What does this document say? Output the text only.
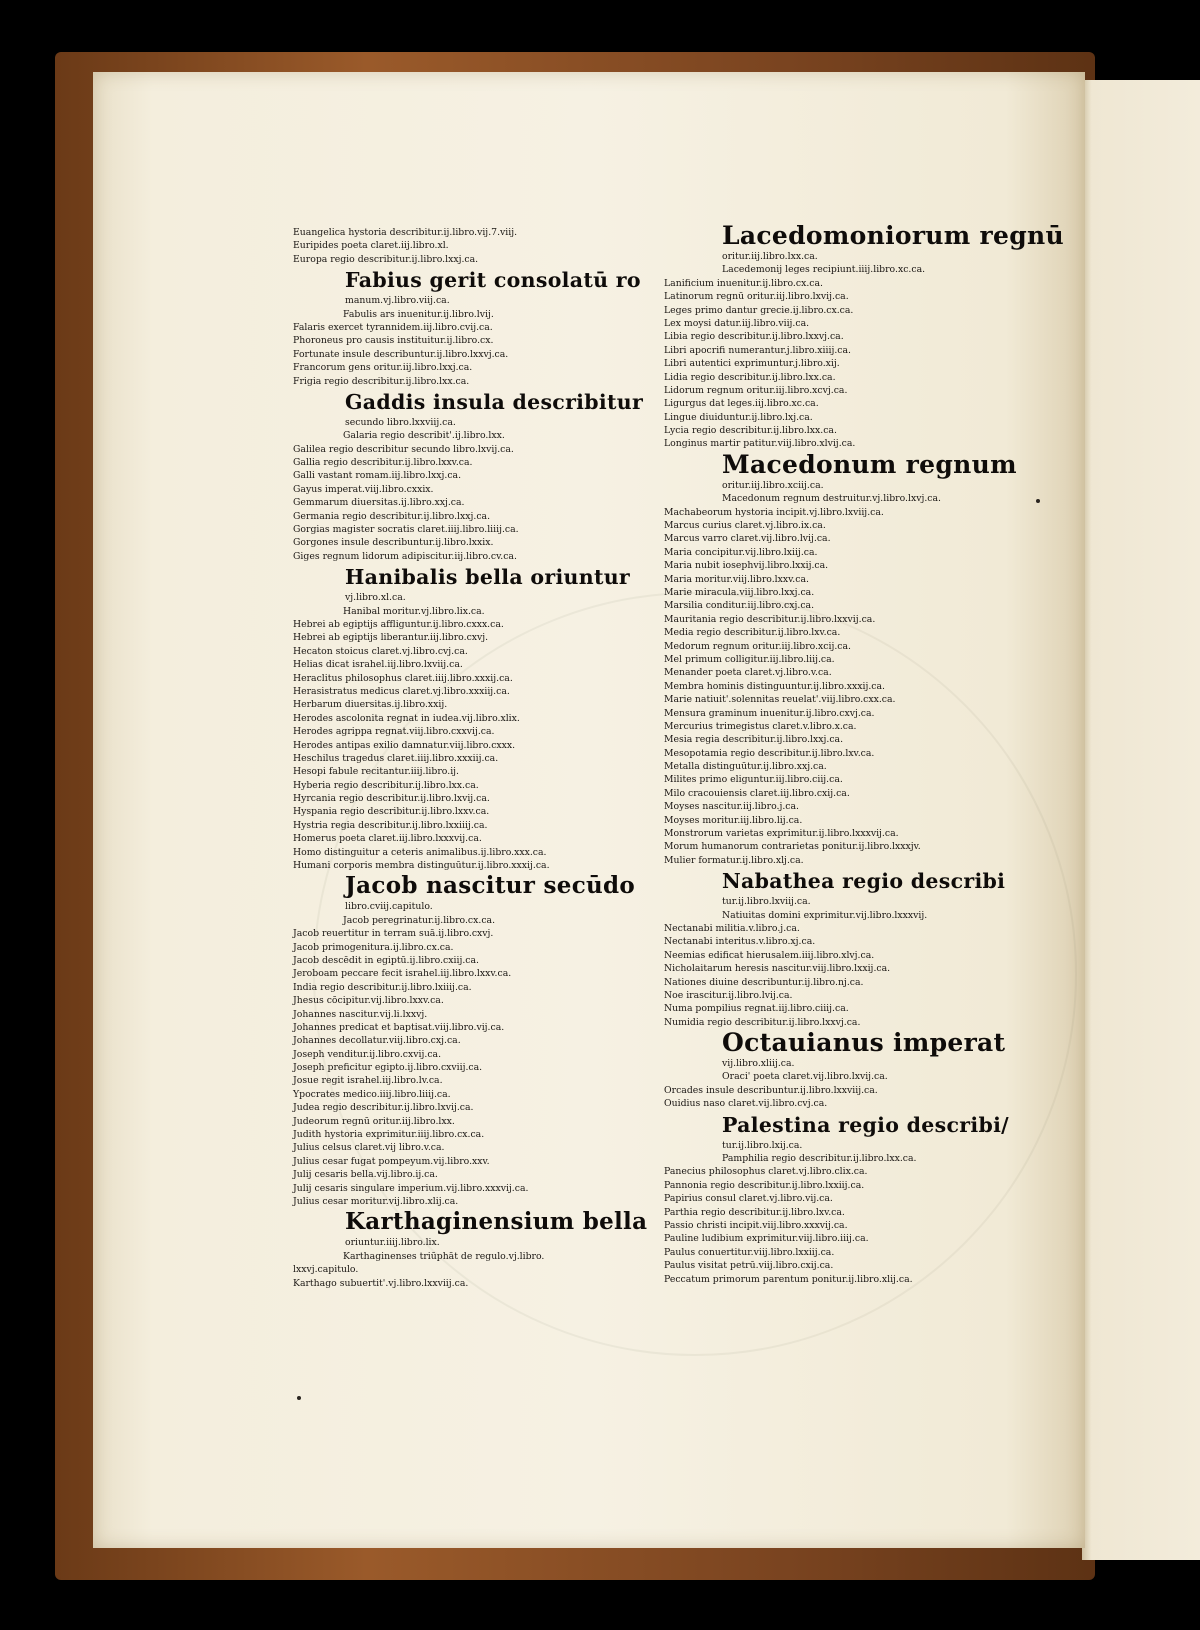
Euangelica hystoria describitur.ij.libro.vij.7.viij.
Euripides poeta claret.iij.libro.xl.
Europa regio describitur.ij.libro.lxxj.ca.
Fabius gerit consolatū ro
manum.vj.libro.viij.ca.
Fabulis ars inuenitur.ij.libro.lvij.
Falaris exercet tyrannidem.iij.libro.cvij.ca.
Phoroneus pro causis instituitur.ij.libro.cx.
Fortunate insule describuntur.ij.libro.lxxvj.ca.
Francorum gens oritur.iij.libro.lxxj.ca.
Frigia regio describitur.ij.libro.lxx.ca.
Gaddis insula describitur
secundo libro.lxxviij.ca.
Galaria regio describit'.ij.libro.lxx.
Galilea regio describitur secundo libro.lxvij.ca.
Gallia regio describitur.ij.libro.lxxv.ca.
Galli vastant romam.iij.libro.lxxj.ca.
Gayus imperat.viij.libro.cxxix.
Gemmarum diuersitas.ij.libro.xxj.ca.
Germania regio describitur.ij.libro.lxxj.ca.
Gorgias magister socratis claret.iiij.libro.liiij.ca.
Gorgones insule describuntur.ij.libro.lxxix.
Giges regnum lidorum adipiscitur.iij.libro.cv.ca.
Hanibalis bella oriuntur
vj.libro.xl.ca.
Hanibal moritur.vj.libro.lix.ca.
Hebrei ab egiptijs affliguntur.ij.libro.cxxx.ca.
Hebrei ab egiptijs liberantur.iij.libro.cxvj.
Hecaton stoicus claret.vj.libro.cvj.ca.
Helias dicat israhel.iij.libro.lxviij.ca.
Heraclitus philosophus claret.iiij.libro.xxxij.ca.
Herasistratus medicus claret.vj.libro.xxxiij.ca.
Herbarum diuersitas.ij.libro.xxij.
Herodes ascolonita regnat in iudea.vij.libro.xlix.
Herodes agrippa regnat.viij.libro.cxxvij.ca.
Herodes antipas exilio damnatur.viij.libro.cxxx.
Heschilus tragedus claret.iiij.libro.xxxiij.ca.
Hesopi fabule recitantur.iiij.libro.ij.
Hyberia regio describitur.ij.libro.lxx.ca.
Hyrcania regio describitur.ij.libro.lxvij.ca.
Hyspania regio describitur.ij.libro.lxxv.ca.
Hystria regia describitur.ij.libro.lxxiiij.ca.
Homerus poeta claret.iij.libro.lxxxvij.ca.
Homo distinguitur a ceteris animalibus.ij.libro.xxx.ca.
Humani corporis membra distinguūtur.ij.libro.xxxij.ca.
Jacob nascitur secūdo
libro.cviij.capitulo.
Jacob peregrinatur.ij.libro.cx.ca.
Jacob reuertitur in terram suā.ij.libro.cxvj.
Jacob primogenitura.ij.libro.cx.ca.
Jacob descēdit in egiptū.ij.libro.cxiij.ca.
Jeroboam peccare fecit israhel.iij.libro.lxxv.ca.
India regio describitur.ij.libro.lxiiij.ca.
Jhesus cōcipitur.vij.libro.lxxv.ca.
Johannes nascitur.vij.li.lxxvj.
Johannes predicat et baptisat.viij.libro.vij.ca.
Johannes decollatur.viij.libro.cxj.ca.
Joseph venditur.ij.libro.cxvij.ca.
Joseph preficitur egipto.ij.libro.cxviij.ca.
Josue regit israhel.iij.libro.lv.ca.
Ypocrates medico.iiij.libro.liiij.ca.
Judea regio describitur.ij.libro.lxvij.ca.
Judeorum regnū oritur.iij.libro.lxx.
Judith hystoria exprimitur.iiij.libro.cx.ca.
Julius celsus claret.vij libro.v.ca.
Julius cesar fugat pompeyum.vij.libro.xxv.
Julij cesaris bella.vij.libro.ij.ca.
Julij cesaris singulare imperium.vij.libro.xxxvij.ca.
Julius cesar moritur.vij.libro.xlij.ca.
Karthaginensium bella
oriuntur.iiij.libro.lix.
Karthaginenses triūphāt de regulo.vj.libro.
lxxvj.capitulo.
Karthago subuertit'.vj.libro.lxxviij.ca.
Lacedomoniorum regnū
oritur.iij.libro.lxx.ca.
Lacedemonij leges recipiunt.iiij.libro.xc.ca.
Lanificium inuenitur.ij.libro.cx.ca.
Latinorum regnū oritur.iij.libro.lxvij.ca.
Leges primo dantur grecie.ij.libro.cx.ca.
Lex moysi datur.iij.libro.viij.ca.
Libia regio describitur.ij.libro.lxxvj.ca.
Libri apocrifi numerantur.j.libro.xiiij.ca.
Libri autentici exprimuntur.j.libro.xij.
Lidia regio describitur.ij.libro.lxx.ca.
Lidorum regnum oritur.iij.libro.xcvj.ca.
Ligurgus dat leges.iij.libro.xc.ca.
Lingue diuiduntur.ij.libro.lxj.ca.
Lycia regio describitur.ij.libro.lxx.ca.
Longinus martir patitur.viij.libro.xlvij.ca.
Macedonum regnum
oritur.iij.libro.xciij.ca.
Macedonum regnum destruitur.vj.libro.lxvj.ca.
Machabeorum hystoria incipit.vj.libro.lxviij.ca.
Marcus curius claret.vj.libro.ix.ca.
Marcus varro claret.vij.libro.lvij.ca.
Maria concipitur.vij.libro.lxiij.ca.
Maria nubit iosephvij.libro.lxxij.ca.
Maria moritur.viij.libro.lxxv.ca.
Marie miracula.viij.libro.lxxj.ca.
Marsilia conditur.iij.libro.cxj.ca.
Mauritania regio describitur.ij.libro.lxxvij.ca.
Media regio describitur.ij.libro.lxv.ca.
Medorum regnum oritur.iij.libro.xcij.ca.
Mel primum colligitur.iij.libro.liij.ca.
Menander poeta claret.vj.libro.v.ca.
Membra hominis distinguuntur.ij.libro.xxxij.ca.
Marie natiuit'.solennitas reuelat'.viij.libro.cxx.ca.
Mensura graminum inuenitur.ij.libro.cxvj.ca.
Mercurius trimegistus claret.v.libro.x.ca.
Mesia regia describitur.ij.libro.lxxj.ca.
Mesopotamia regio describitur.ij.libro.lxv.ca.
Metalla distinguūtur.ij.libro.xxj.ca.
Milites primo eliguntur.iij.libro.ciij.ca.
Milo cracouiensis claret.iij.libro.cxij.ca.
Moyses nascitur.iij.libro.j.ca.
Moyses moritur.iij.libro.lij.ca.
Monstrorum varietas exprimitur.ij.libro.lxxxvij.ca.
Morum humanorum contrarietas ponitur.ij.libro.lxxxjv.
Mulier formatur.ij.libro.xlj.ca.
Nabathea regio describi
tur.ij.libro.lxviij.ca.
Natiuitas domini exprimitur.vij.libro.lxxxvij.
Nectanabi militia.v.libro.j.ca.
Nectanabi interitus.v.libro.xj.ca.
Neemias edificat hierusalem.iiij.libro.xlvj.ca.
Nicholaitarum heresis nascitur.viij.libro.lxxij.ca.
Nationes diuine describuntur.ij.libro.nj.ca.
Noe irascitur.ij.libro.lvij.ca.
Numa pompilius regnat.iij.libro.ciiij.ca.
Numidia regio describitur.ij.libro.lxxvj.ca.
Octauianus imperat
vij.libro.xliij.ca.
Oraci' poeta claret.vij.libro.lxvij.ca.
Orcades insule describuntur.ij.libro.lxxviij.ca.
Ouidius naso claret.vij.libro.cvj.ca.
Palestina regio describi/
tur.ij.libro.lxij.ca.
Pamphilia regio describitur.ij.libro.lxx.ca.
Panecius philosophus claret.vj.libro.clix.ca.
Pannonia regio describitur.ij.libro.lxxiij.ca.
Papirius consul claret.vj.libro.vij.ca.
Parthia regio describitur.ij.libro.lxv.ca.
Passio christi incipit.viij.libro.xxxvij.ca.
Pauline ludibium exprimitur.viij.libro.iiij.ca.
Paulus conuertitur.viij.libro.lxxiij.ca.
Paulus visitat petrū.viij.libro.cxij.ca.
Peccatum primorum parentum ponitur.ij.libro.xlij.ca.
